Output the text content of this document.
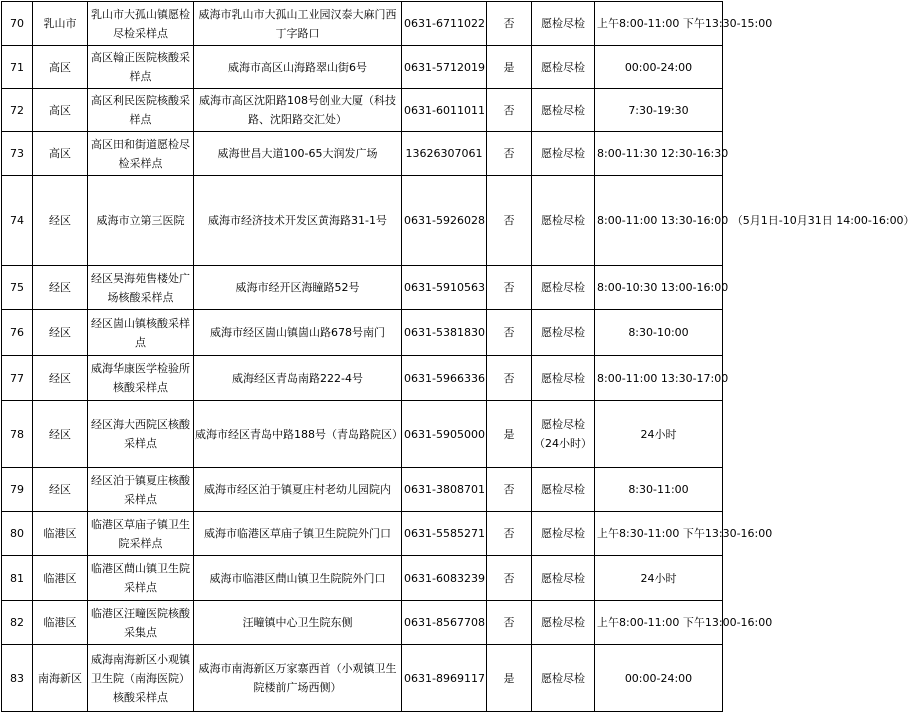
70	乳山市	乳山市大孤山镇愿检尽检采样点	威海市乳山市大孤山工业园汉泰大麻门西丁字路口	0631-6711022	否	愿检尽检	上午8:00-11:00 下午13:30-15:00
71	高区	高区翰正医院核酸采样点	威海市高区山海路翠山街6号	0631-5712019	是	愿检尽检	00:00-24:00
72	高区	高区利民医院核酸采样点	威海市高区沈阳路108号创业大厦（科技路、沈阳路交汇处）	0631-6011011	否	愿检尽检	7:30-19:30
73	高区	高区田和街道愿检尽检采样点	威海世昌大道100-65大润发广场	13626307061	否	愿检尽检	8:00-11:30 12:30-16:30
74	经区	威海市立第三医院	威海市经济技术开发区黄海路31-1号	0631-5926028	否	愿检尽检	8:00-11:00 13:30-16:00 （5月1日-10月31日 14:00-16:00）
75	经区	经区昊海苑售楼处广场核酸采样点	威海市经开区海瞳路52号	0631-5910563	否	愿检尽检	8:00-10:30 13:00-16:00
76	经区	经区崮山镇核酸采样点	威海市经区崮山镇崮山路678号南门	0631-5381830	否	愿检尽检	8:30-10:00
77	经区	威海华康医学检验所核酸采样点	威海经区青岛南路222-4号	0631-5966336	否	愿检尽检	8:00-11:00 13:30-17:00
78	经区	经区海大西院区核酸采样点	威海市经区青岛中路188号（青岛路院区）	0631-5905000	是	愿检尽检（24小时）	24小时
79	经区	经区泊于镇夏庄核酸采样点	威海市经区泊于镇夏庄村老幼儿园院内	0631-3808701	否	愿检尽检	8:30-11:00
80	临港区	临港区草庙子镇卫生院采样点	威海市临港区草庙子镇卫生院院外门口	0631-5585271	否	愿检尽检	上午8:30-11:00 下午13:30-16:00
81	临港区	临港区蔄山镇卫生院采样点	威海市临港区蔄山镇卫生院院外门口	0631-6083239	否	愿检尽检	24小时
82	临港区	临港区汪疃医院核酸采集点	汪疃镇中心卫生院东侧	0631-8567708	否	愿检尽检	上午8:00-11:00 下午13:00-16:00
83	南海新区	威海南海新区小观镇卫生院（南海医院）核酸采样点	威海市南海新区万家寨西首（小观镇卫生院楼前广场西侧）	0631-8969117	是	愿检尽检	00:00-24:00
